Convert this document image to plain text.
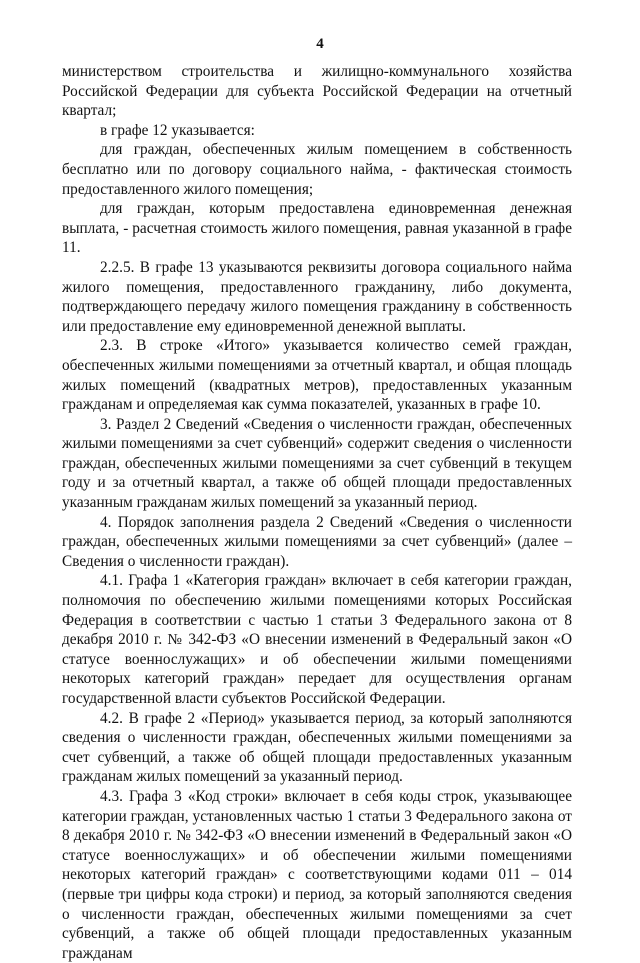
4

министерством строительства и жилищно-коммунального хозяйства Российской Федерации для субъекта Российской Федерации на отчетный квартал;

в графе 12 указывается:

для граждан, обеспеченных жилым помещением в собственность бесплатно или по договору социального найма, - фактическая стоимость предоставленного жилого помещения;

для граждан, которым предоставлена единовременная денежная выплата, - расчетная стоимость жилого помещения, равная указанной в графе 11.

2.2.5. В графе 13 указываются реквизиты договора социального найма жилого помещения, предоставленного гражданину, либо документа, подтверждающего передачу жилого помещения гражданину в собственность или предоставление ему единовременной денежной выплаты.

2.3. В строке «Итого» указывается количество семей граждан, обеспеченных жилыми помещениями за отчетный квартал, и общая площадь жилых помещений (квадратных метров), предоставленных указанным гражданам и определяемая как сумма показателей, указанных в графе 10.

3. Раздел 2 Сведений «Сведения о численности граждан, обеспеченных жилыми помещениями за счет субвенций» содержит сведения о численности граждан, обеспеченных жилыми помещениями за счет субвенций в текущем году и за отчетный квартал, а также об общей площади предоставленных указанным гражданам жилых помещений за указанный период.

4. Порядок заполнения раздела 2 Сведений «Сведения о численности граждан, обеспеченных жилыми помещениями за счет субвенций» (далее – Сведения о численности граждан).

4.1. Графа 1 «Категория граждан» включает в себя категории граждан, полномочия по обеспечению жилыми помещениями которых Российская Федерация в соответствии с частью 1 статьи 3 Федерального закона от 8 декабря 2010 г. № 342-ФЗ «О внесении изменений в Федеральный закон «О статусе военнослужащих» и об обеспечении жилыми помещениями некоторых категорий граждан» передает для осуществления органам государственной власти субъектов Российской Федерации.

4.2. В графе 2 «Период» указывается период, за который заполняются сведения о численности граждан, обеспеченных жилыми помещениями за счет субвенций, а также об общей площади предоставленных указанным гражданам жилых помещений за указанный период.

4.3. Графа 3 «Код строки» включает в себя коды строк, указывающее категории граждан, установленных частью 1 статьи 3 Федерального закона от 8 декабря 2010 г. № 342-ФЗ «О внесении изменений в Федеральный закон «О статусе военнослужащих» и об обеспечении жилыми помещениями некоторых категорий граждан» с соответствующими кодами 011 – 014 (первые три цифры кода строки) и период, за который заполняются сведения о численности граждан, обеспеченных жилыми помещениями за счет субвенций, а также об общей площади предоставленных указанным гражданам
